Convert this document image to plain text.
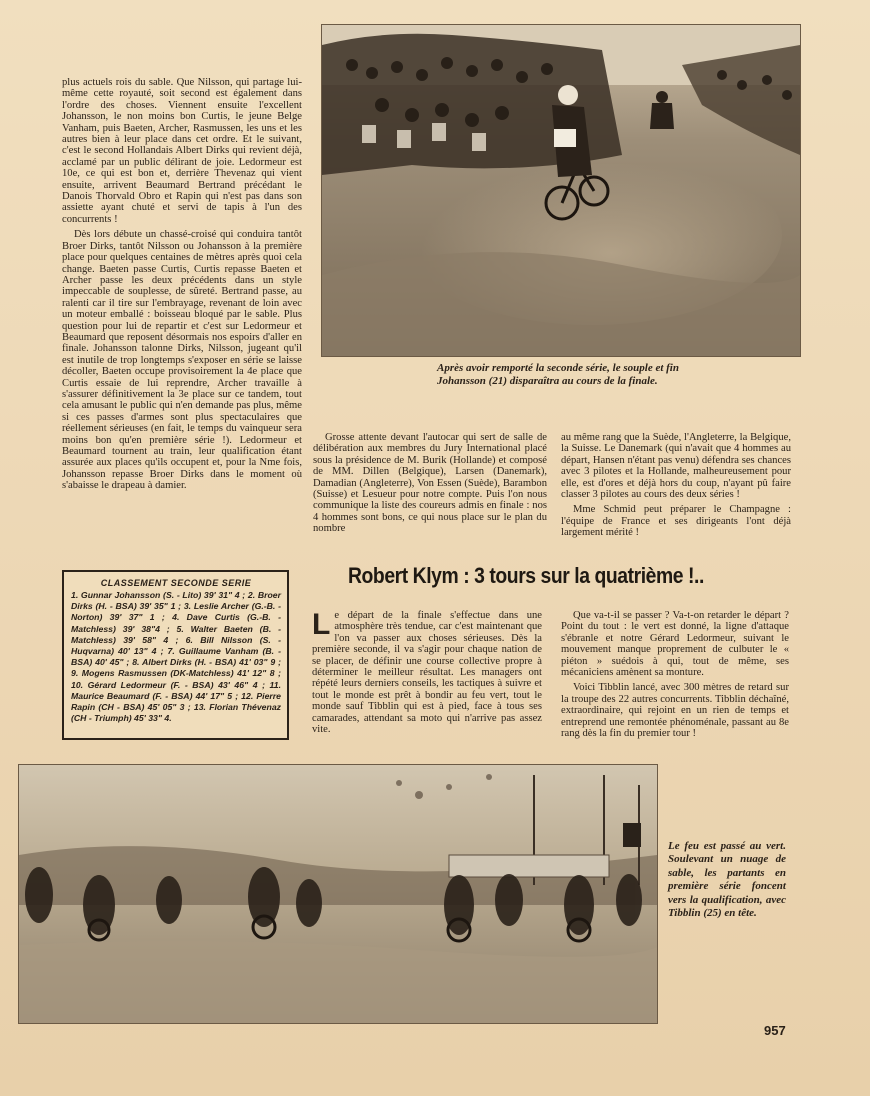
plus actuels rois du sable. Que Nilsson, qui partage lui-même cette royauté, soit second est également dans l'ordre des choses. Viennent ensuite l'excellent Johansson, le non moins bon Curtis, le jeune Belge Vanham, puis Baeten, Archer, Rasmussen, les uns et les autres bien à leur place dans cet ordre. Et le suivant, c'est le second Hollandais Albert Dirks qui revient déjà, acclamé par un public délirant de joie. Ledormeur est 10e, ce qui est bon et, derrière Thevenaz qui vient ensuite, arrivent Beaumard Bertrand précédant le Danois Thorvald Obro et Rapin qui n'est pas dans son assiette ayant chuté et servi de tapis à l'un des concurrents !

Dès lors débute un chassé-croisé qui conduira tantôt Broer Dirks, tantôt Nilsson ou Johansson à la première place pour quelques centaines de mètres après quoi cela change. Baeten passe Curtis, Curtis repasse Baeten et Archer passe les deux précédents dans un style impeccable de souplesse, de sûreté. Bertrand passe, au ralenti car il tire sur l'embrayage, revenant de loin avec un moteur emballé : boisseau bloqué par le sable. Plus question pour lui de repartir et c'est sur Ledormeur et Beaumard que reposent désormais nos espoirs d'aller en finale. Johansson talonne Dirks, Nilsson, jugeant qu'il est inutile de trop longtemps s'exposer en série se laisse décoller, Baeten occupe provisoirement la 4e place que Curtis essaie de lui reprendre, Archer travaille à s'assurer définitivement la 3e place sur ce tandem, tout cela amusant le public qui n'en demande pas plus, même si ces passes d'armes sont plus spectaculaires que réellement sérieuses (en fait, le temps du vainqueur sera moins bon qu'en première série !). Ledormeur et Beaumard tournent au train, leur qualification étant assurée aux places qu'ils occupent et, pour la Nme fois, Johansson repasse Broer Dirks dans le moment où s'abaisse le drapeau à damier.

Après avoir remporté la seconde série, le souple et fin Johansson (21) disparaîtra au cours de la finale.

Grosse attente devant l'autocar qui sert de salle de délibération aux membres du Jury International placé sous la présidence de M. Burik (Hollande) et composé de MM. Dillen (Belgique), Larsen (Danemark), Damadian (Angleterre), Von Essen (Suède), Barambon (Suisse) et Lesueur pour notre compte. Puis l'on nous communique la liste des coureurs admis en finale : nos 4 hommes sont bons, ce qui nous place sur le plan du nombre

au même rang que la Suède, l'Angleterre, la Belgique, la Suisse. Le Danemark (qui n'avait que 4 hommes au départ, Hansen n'étant pas venu) défendra ses chances avec 3 pilotes et la Hollande, malheureusement pour elle, est d'ores et déjà hors du coup, n'ayant pû faire classer 3 pilotes au cours des deux séries !

Mme Schmid peut préparer le Champagne : l'équipe de France et ses dirigeants l'ont déjà largement mérité !

CLASSEMENT SECONDE SERIE
1. Gunnar Johansson (S. - Lito) 39' 31" 4 ; 2. Broer Dirks (H. - BSA) 39' 35" 1 ; 3. Leslie Archer (G.-B. - Norton) 39' 37" 1 ; 4. Dave Curtis (G.-B. - Matchless) 39' 38"4 ; 5. Walter Baeten (B. - Matchless) 39' 58" 4 ; 6. Bill Nilsson (S. - Huqvarna) 40' 13" 4 ; 7. Guillaume Vanham (B. - BSA) 40' 45" ; 8. Albert Dirks (H. - BSA) 41' 03" 9 ; 9. Mogens Rasmussen (DK-Matchless) 41' 12" 8 ; 10. Gérard Ledormeur (F. - BSA) 43' 46" 4 ; 11. Maurice Beaumard (F. - BSA) 44' 17" 5 ; 12. Pierre Rapin (CH - BSA) 45' 05" 3 ; 13. Florian Thévenaz (CH - Triumph) 45' 33" 4.
Robert Klym : 3 tours sur la quatrième !..
L e départ de la finale s'effectue dans une atmosphère très tendue, car c'est maintenant que l'on va passer aux choses sérieuses. Dès la première seconde, il va s'agir pour chaque nation de se placer, de définir une course collective propre à déterminer le meilleur résultat. Les managers ont répété leurs derniers conseils, les tactiques à suivre et tout le monde est prêt à bondir au feu vert, tout le monde sauf Tibblin qui est à pied, face à tous ses camarades, attendant sa moto qui n'arrive pas assez vite.

Que va-t-il se passer ? Va-t-on retarder le départ ? Point du tout : le vert est donné, la ligne d'attaque s'ébranle et notre Gérard Ledormeur, suivant le mouvement manque proprement de culbuter le « piéton » suédois à qui, tout de même, ses mécaniciens amènent sa monture.

Voici Tibblin lancé, avec 300 mètres de retard sur la troupe des 22 autres concurrents. Tibblin déchaîné, extraordinaire, qui rejoint en un rien de temps et entreprend une remontée phénoménale, passant au 8e rang dès la fin du premier tour !

Le feu est passé au vert. Soulevant un nuage de sable, les partants en première série foncent vers la qualification, avec Tibblin (25) en tête.
957
